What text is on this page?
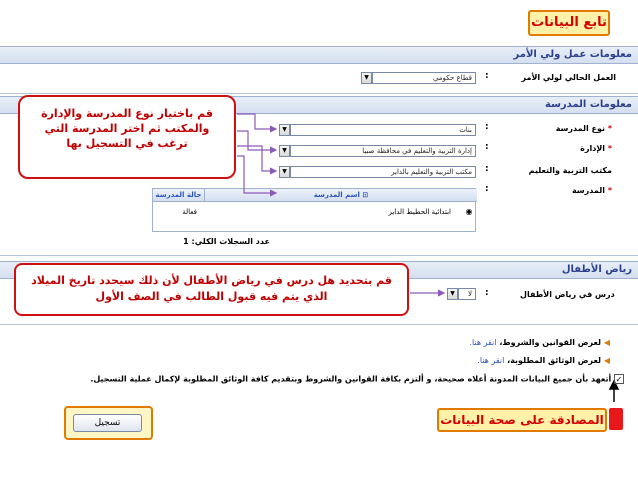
تابع البيانات
معلومات عمل ولي الأمر
العمل الحالي لولي الأمر
:
▼	قطاع حكومي
معلومات المدرسة
نوع المدرسة *
:
▼	بنات
الإدارة *
:
▼	إدارة التربية والتعليم في محافظة صبيا
مكتب التربية والتعليم
:
▼	مكتب التربية والتعليم بالداير
المدرسة *
:
حالة المدرسة	اسم المدرسة ⊡
فعالة	ابتدائية الحطيط الداير	◉
عدد السجلات الكلي: 1
رياض الأطفال
درس في رياض الأطفال
:
▼	لا
قم باختيار نوع المدرسة والإدارة والمكتب ثم اختر المدرسة التي ترغب في التسجيل بها
قم بتحديد هل درس في رياض الأطفال لأن ذلك سيحدد تاريخ الميلاد الذي يتم فيه قبول الطالب في الصف الأول
◀ لعرض القوانين والشروط، انقر هنا.
◀ لعرض الوثائق المطلوبة، انقر هنا.
✓ أتعهد بأن جميع البيانات المدونة أعلاه صحيحة، و ألتزم بكافة القوانين والشروط وبتقديم كافة الوثائق المطلوبة لإكمال عملية التسجيل.
المصادقة على صحة البيانات
تسجيل
